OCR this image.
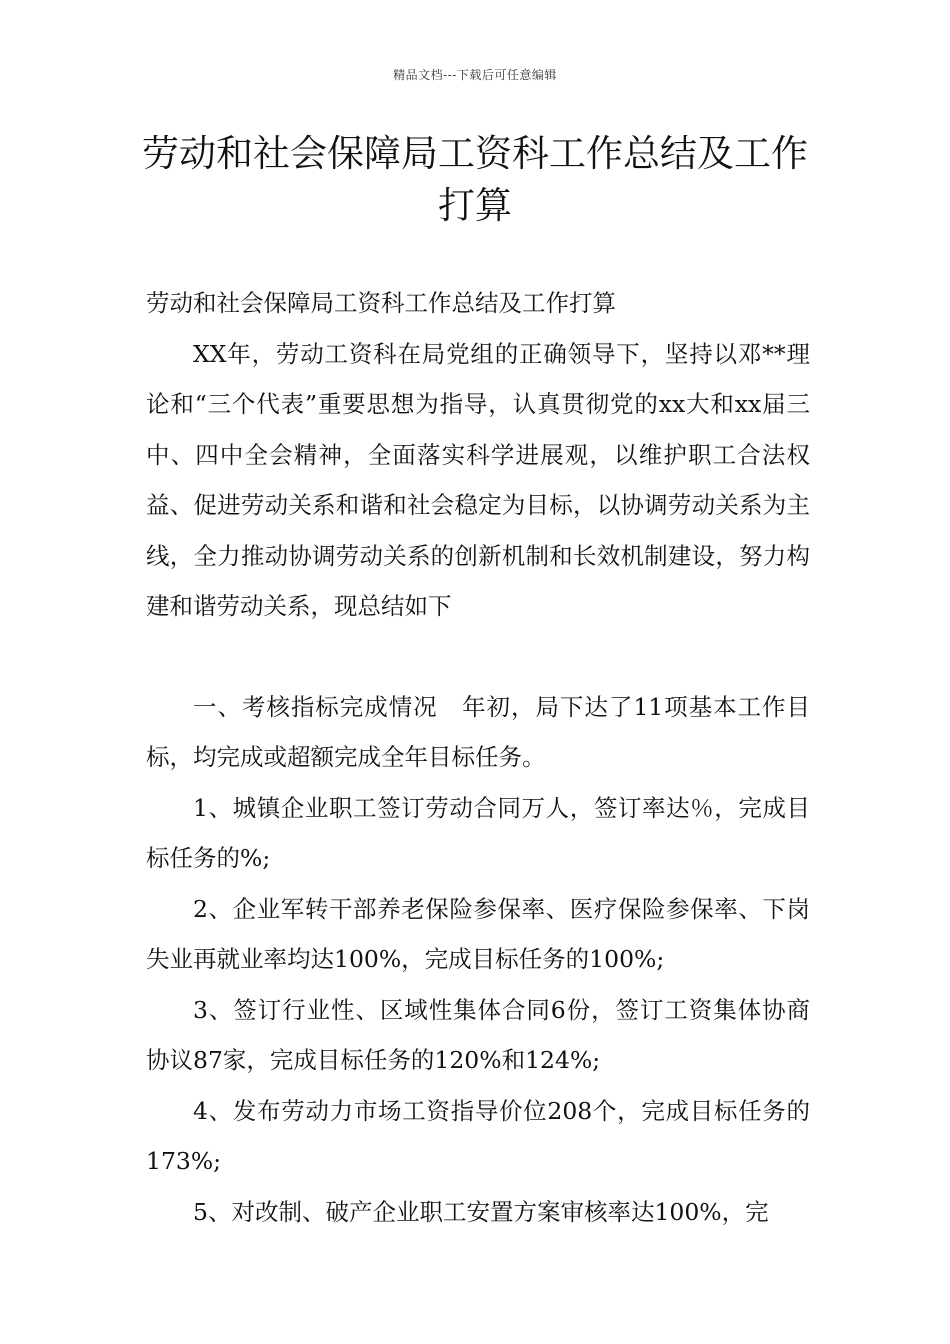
精品文档---下载后可任意编辑
劳动和社会保障局工资科工作总结及工作打算

劳动和社会保障局工资科工作总结及工作打算

XX年，劳动工资科在局党组的正确领导下，坚持以邓**理论和“三个代表”重要思想为指导，认真贯彻党的xx大和xx届三中、四中全会精神，全面落实科学进展观，以维护职工合法权益、促进劳动关系和谐和社会稳定为目标，以协调劳动关系为主线，全力推动协调劳动关系的创新机制和长效机制建设，努力构建和谐劳动关系，现总结如下

一、考核指标完成情况　年初，局下达了11项基本工作目标，均完成或超额完成全年目标任务。

1、城镇企业职工签订劳动合同万人，签订率达％，完成目标任务的%;

2、企业军转干部养老保险参保率、医疗保险参保率、下岗失业再就业率均达100%，完成目标任务的100%;

3、签订行业性、区域性集体合同6份，签订工资集体协商协议87家，完成目标任务的120%和124%;

4、发布劳动力市场工资指导价位208个，完成目标任务的173%;

5、对改制、破产企业职工安置方案审核率达100%，完
